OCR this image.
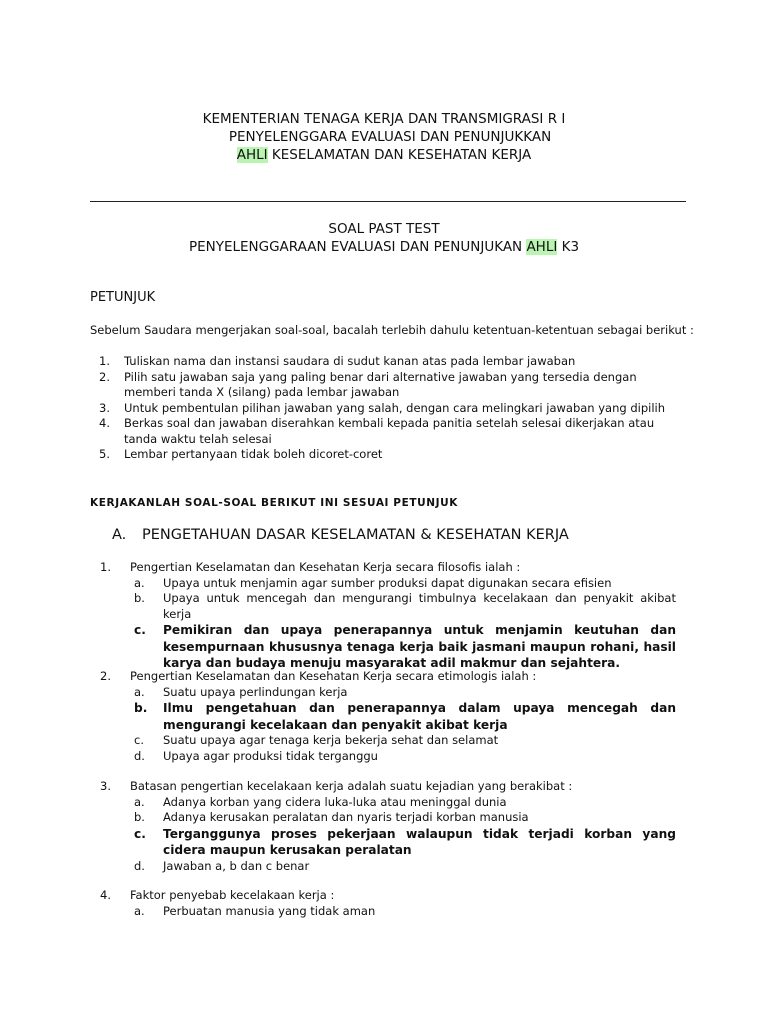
KEMENTERIAN TENAGA KERJA DAN TRANSMIGRASI R I
PENYELENGGARA EVALUASI DAN PENUNJUKKAN
AHLI KESELAMATAN DAN KESEHATAN KERJA
SOAL PAST TEST
PENYELENGGARAAN EVALUASI DAN PENUNJUKAN AHLI K3
PETUNJUK
Sebelum Saudara mengerjakan soal-soal, bacalah terlebih dahulu ketentuan-ketentuan sebagai berikut :
1. Tuliskan nama dan instansi saudara di sudut kanan atas pada lembar jawaban
2. Pilih satu jawaban saja yang paling benar dari alternative jawaban yang tersedia dengan memberi tanda X (silang) pada lembar jawaban
3. Untuk pembentulan pilihan jawaban yang salah, dengan cara melingkari jawaban yang dipilih
4. Berkas soal dan jawaban diserahkan kembali kepada panitia setelah selesai dikerjakan atau tanda waktu telah selesai
5. Lembar pertanyaan tidak boleh dicoret-coret
KERJAKANLAH SOAL-SOAL BERIKUT INI SESUAI PETUNJUK
A. PENGETAHUAN DASAR KESELAMATAN & KESEHATAN KERJA
1. Pengertian Keselamatan dan Kesehatan Kerja secara filosofis ialah :
a. Upaya untuk menjamin agar sumber produksi dapat digunakan secara efisien
b. Upaya untuk mencegah dan mengurangi timbulnya kecelakaan dan penyakit akibat kerja
c. Pemikiran dan upaya penerapannya untuk menjamin keutuhan dan kesempurnaan khususnya tenaga kerja baik jasmani maupun rohani, hasil karya dan budaya menuju masyarakat adil makmur dan sejahtera.
2. Pengertian Keselamatan dan Kesehatan Kerja secara etimologis ialah :
a. Suatu upaya perlindungan kerja
b. Ilmu pengetahuan dan penerapannya dalam upaya mencegah dan mengurangi kecelakaan dan penyakit akibat kerja
c. Suatu upaya agar tenaga kerja bekerja sehat dan selamat
d. Upaya agar produksi tidak terganggu
3. Batasan pengertian kecelakaan kerja adalah suatu kejadian yang berakibat :
a. Adanya korban yang cidera luka-luka atau meninggal dunia
b. Adanya kerusakan peralatan dan nyaris terjadi korban manusia
c. Terganggunya proses pekerjaan walaupun tidak terjadi korban yang cidera maupun kerusakan peralatan
d. Jawaban a, b dan c benar
4. Faktor penyebab kecelakaan kerja :
a. Perbuatan manusia yang tidak aman
